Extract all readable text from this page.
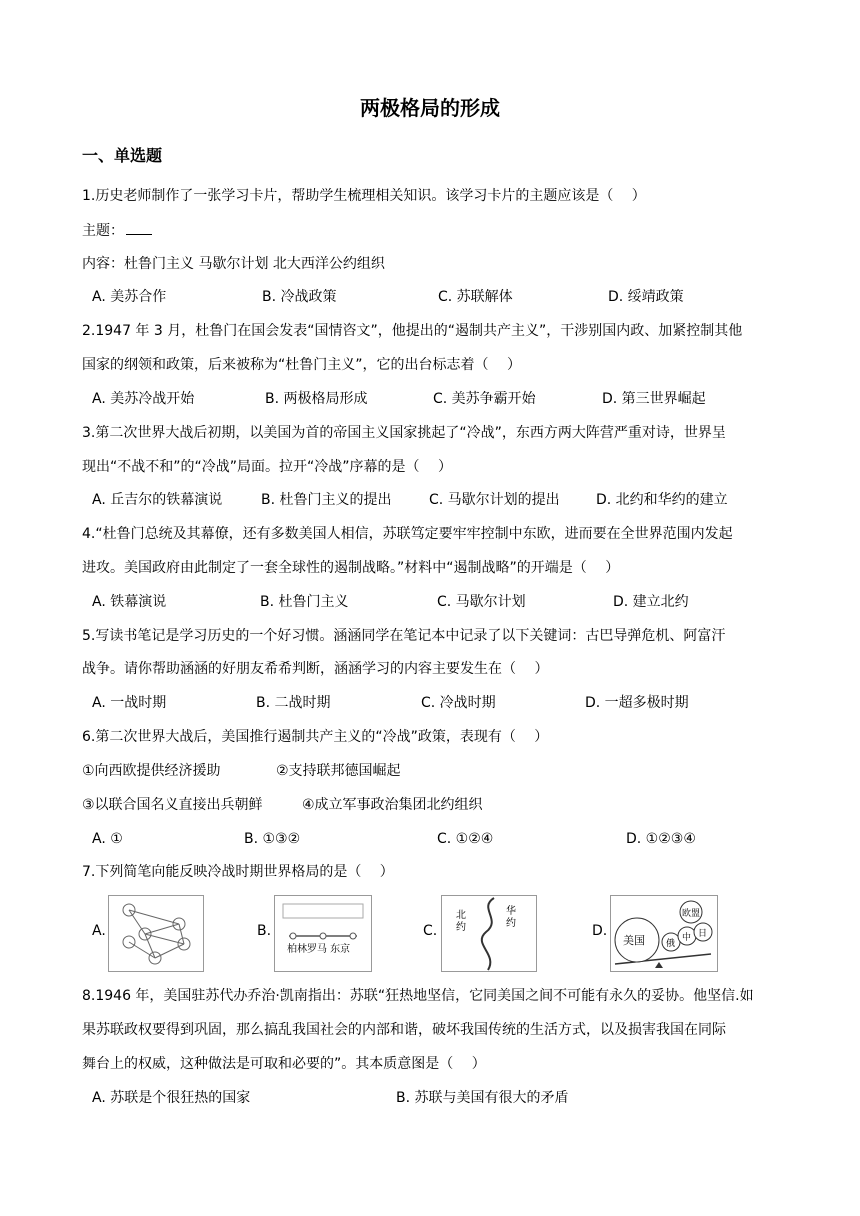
两极格局的形成
一、单选题
1.历史老师制作了一张学习卡片，帮助学生梳理相关知识。该学习卡片的主题应该是（　 ）
主题：
内容：杜鲁门主义 马歇尔计划 北大西洋公约组织
A. 美苏合作	B. 冷战政策	C. 苏联解体	D. 绥靖政策
2.1947 年 3 月，杜鲁门在国会发表“国情咨文”，他提出的“遏制共产主义”，干涉别国内政、加紧控制其他
国家的纲领和政策，后来被称为“杜鲁门主义”，它的出台标志着（　 ）
A. 美苏冷战开始	B. 两极格局形成	C. 美苏争霸开始	D. 第三世界崛起
3.第二次世界大战后初期，以美国为首的帝国主义国家挑起了“冷战”，东西方两大阵营严重对诗，世界呈
现出“不战不和”的“冷战”局面。拉开“冷战”序幕的是（　 ）
A. 丘吉尔的铁幕演说	B. 杜鲁门主义的提出	C. 马歇尔计划的提出	D. 北约和华约的建立
4.“杜鲁门总统及其幕僚，还有多数美国人相信，苏联笃定要牢牢控制中东欧，进而要在全世界范围内发起
进攻。美国政府由此制定了一套全球性的遏制战略。”材料中“遏制战略”的开端是（　 ）
A. 铁幕演说	B. 杜鲁门主义	C. 马歇尔计划	D. 建立北约
5.写读书笔记是学习历史的一个好习惯。涵涵同学在笔记本中记录了以下关键词：古巴导弹危机、阿富汗
战争。请你帮助涵涵的好朋友希希判断，涵涵学习的内容主要发生在（　 ）
A. 一战时期	B. 二战时期	C. 冷战时期	D. 一超多极时期
6.第二次世界大战后，美国推行遏制共产主义的“冷战”政策，表现有（　 ）
①向西欧提供经济援助	②支持联邦德国崛起
③以联合国名义直接出兵朝鲜	④成立军事政治集团北约组织
A. ①	B. ①③②	C. ①②④	D. ①②③④
7.下列简笔向能反映冷战时期世界格局的是（　 ）
A.	B.
柏林罗马 东京
C.
北约
华约	D.
美国 俄
中 日
欧盟
8.1946 年，美国驻苏代办乔治·凯南指出：苏联“狂热地坚信，它同美国之间不可能有永久的妥协。他坚信.如
果苏联政权要得到巩固，那么搞乱我国社会的内部和谐，破坏我国传统的生活方式，以及损害我国在同际
舞台上的权威，这种做法是可取和必要的”。其本质意图是（　 ）
A. 苏联是个很狂热的国家	B. 苏联与美国有很大的矛盾
